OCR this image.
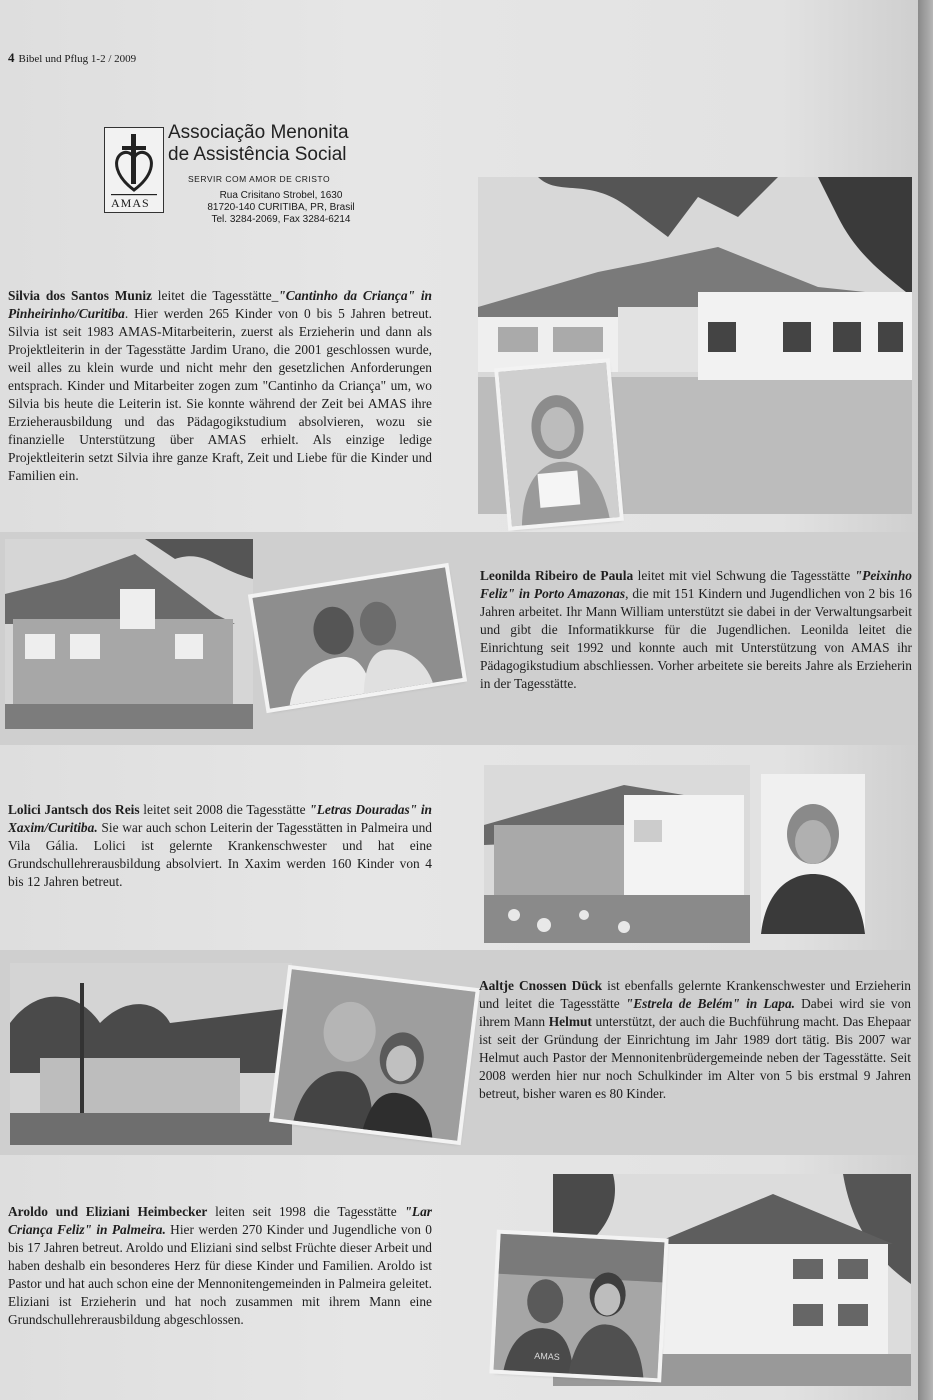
4 Bibel und Pflug 1-2 / 2009
AMAS
Associação Menonita
de Assistência Social
SERVIR COM AMOR DE CRISTO
Rua Crisitano Strobel, 1630
81720-140 CURITIBA, PR, Brasil
Tel. 3284-2069, Fax 3284-6214
Silvia dos Santos Muniz leitet die Tagesstätte_"Cantinho da Criança" in Pinheirinho/Curitiba. Hier werden 265 Kinder von 0 bis 5 Jahren betreut. Silvia ist seit 1983 AMAS-Mitarbeiterin, zuerst als Erzieherin und dann als Projektleiterin in der Tagesstätte Jardim Urano, die 2001 geschlossen wurde, weil alles zu klein wurde und nicht mehr den gesetzlichen Anforderungen entsprach. Kinder und Mitarbeiter zogen zum "Cantinho da Criança" um, wo Silvia bis heute die Leiterin ist. Sie konnte während der Zeit bei AMAS ihre Erzieherausbildung und das Pädagogikstudium absolvieren, wozu sie finanzielle Unterstützung über AMAS erhielt. Als einzige ledige Projektleiterin setzt Silvia ihre ganze Kraft, Zeit und Liebe für die Kinder und Familien ein.
Leonilda Ribeiro de Paula leitet mit viel Schwung die Tagesstätte "Peixinho Feliz" in Porto Amazonas, die mit 151 Kindern und Jugendlichen von 2 bis 16 Jahren arbeitet. Ihr Mann William unterstützt sie dabei in der Verwaltungsarbeit und gibt die Informatikkurse für die Jugendlichen. Leonilda leitet die Einrichtung seit 1992 und konnte auch mit Unterstützung von AMAS ihr Pädagogikstudium abschliessen. Vorher arbeitete sie bereits Jahre als Erzieherin in der Tagesstätte.
Lolici Jantsch dos Reis leitet seit 2008 die Tagesstätte "Letras Douradas" in Xaxim/Curitiba. Sie war auch schon Leiterin der Tagesstätten in Palmeira und Vila Gália. Lolici ist gelernte Krankenschwester und hat eine Grundschullehrerausbildung absolviert. In Xaxim werden 160 Kinder von 4 bis 12 Jahren betreut.
Aaltje Cnossen Dück ist ebenfalls gelernte Krankenschwester und Erzieherin und leitet die Tagesstätte "Estrela de Belém" in Lapa. Dabei wird sie von ihrem Mann Helmut unterstützt, der auch die Buchführung macht. Das Ehepaar ist seit der Gründung der Einrichtung im Jahr 1989 dort tätig. Bis 2007 war Helmut auch Pastor der Mennonitenbrüdergemeinde neben der Tagesstätte. Seit 2008 werden hier nur noch Schulkinder im Alter von 5 bis erstmal 9 Jahren betreut, bisher waren es 80 Kinder.
Aroldo und Eliziani Heimbecker leiten seit 1998 die Tagesstätte "Lar Criança Feliz" in Palmeira. Hier werden 270 Kinder und Jugendliche von 0 bis 17 Jahren betreut. Aroldo und Eliziani sind selbst Früchte dieser Arbeit und haben deshalb ein besonderes Herz für diese Kinder und Familien. Aroldo ist Pastor und hat auch schon eine der Mennonitengemeinden in Palmeira geleitet. Eliziani ist Erzieherin und hat noch zusammen mit ihrem Mann eine Grundschullehrerausbildung abgeschlossen.
AMAS
